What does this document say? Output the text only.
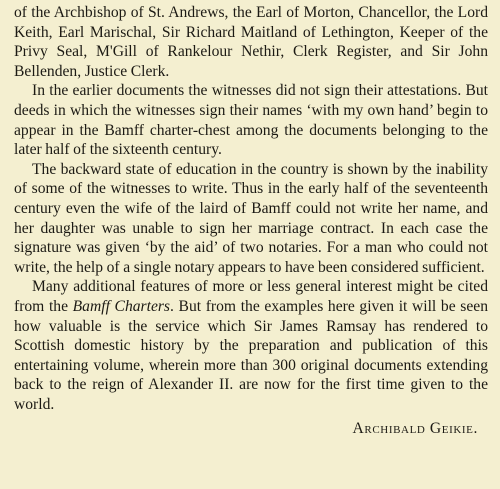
of the Archbishop of St. Andrews, the Earl of Morton, Chancellor, the Lord Keith, Earl Marischal, Sir Richard Maitland of Lethington, Keeper of the Privy Seal, M'Gill of Rankelour Nethir, Clerk Register, and Sir John Bellenden, Justice Clerk.

In the earlier documents the witnesses did not sign their attestations. But deeds in which the witnesses sign their names ‘with my own hand’ begin to appear in the Bamff charter-chest among the documents belonging to the later half of the sixteenth century.

The backward state of education in the country is shown by the inability of some of the witnesses to write. Thus in the early half of the seventeenth century even the wife of the laird of Bamff could not write her name, and her daughter was unable to sign her marriage contract. In each case the signature was given ‘by the aid’ of two notaries. For a man who could not write, the help of a single notary appears to have been considered sufficient.

Many additional features of more or less general interest might be cited from the Bamff Charters. But from the examples here given it will be seen how valuable is the service which Sir James Ramsay has rendered to Scottish domestic history by the preparation and publication of this entertaining volume, wherein more than 300 original documents extending back to the reign of Alexander II. are now for the first time given to the world.

Archibald Geikie.
